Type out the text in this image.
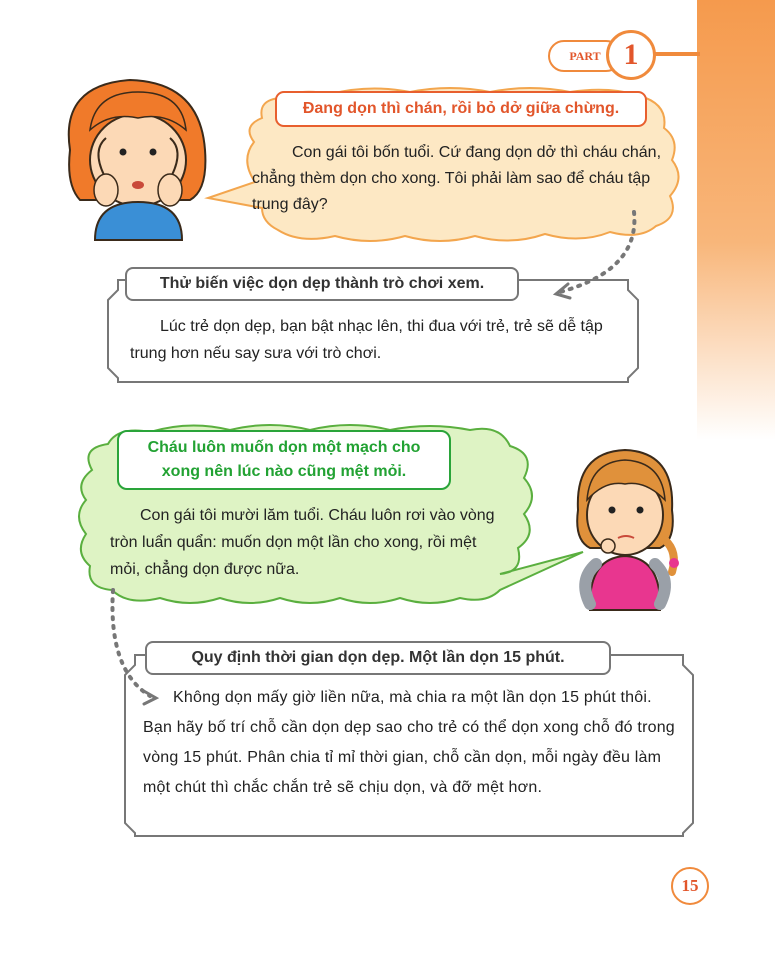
PART 1
Đang dọn thì chán, rồi bỏ dở giữa chừng.
Con gái tôi bốn tuổi. Cứ đang dọn dở thì cháu chán, chẳng thèm dọn cho xong. Tôi phải làm sao để cháu tập trung đây?
Thử biến việc dọn dẹp thành trò chơi xem.
Lúc trẻ dọn dẹp, bạn bật nhạc lên, thi đua với trẻ, trẻ sẽ dễ tập trung hơn nếu say sưa với trò chơi.
Cháu luôn muốn dọn một mạch cho
xong nên lúc nào cũng mệt mỏi.
Con gái tôi mười lăm tuổi. Cháu luôn rơi vào vòng tròn luẩn quẩn: muốn dọn một lần cho xong, rồi mệt mỏi, chẳng dọn được nữa.
Quy định thời gian dọn dẹp. Một lần dọn 15 phút.
Không dọn mấy giờ liền nữa, mà chia ra một lần dọn 15 phút thôi. Bạn hãy bố trí chỗ cần dọn dẹp sao cho trẻ có thể dọn xong chỗ đó trong vòng 15 phút. Phân chia tỉ mỉ thời gian, chỗ cần dọn, mỗi ngày đều làm một chút thì chắc chắn trẻ sẽ chịu dọn, và đỡ mệt hơn.
15
